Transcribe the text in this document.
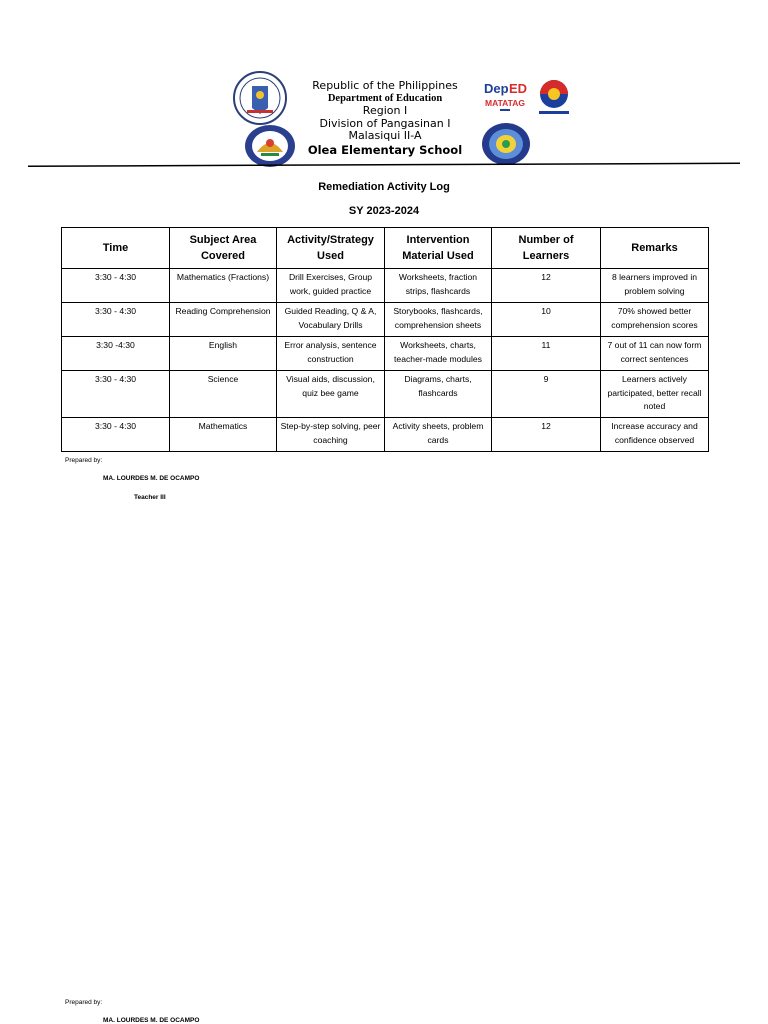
Dep ED
MATATAG
Republic of the Philippines
Department of Education
Region I
Division of Pangasinan I
Malasiqui II-A
Olea Elementary School
Remediation Activity Log
SY 2023-2024
Time	Subject Area Covered	Activity/Strategy Used	Intervention Material Used	Number of Learners	Remarks
3:30 - 4:30	Mathematics (Fractions)	Drill Exercises, Group work, guided practice	Worksheets, fraction strips, flashcards	12	8 learners improved in problem solving
3:30 - 4:30	Reading Comprehension	Guided Reading, Q & A, Vocabulary Drills	Storybooks, flashcards, comprehension sheets	10	70% showed better comprehension scores
3:30 -4:30	English	Error analysis, sentence construction	Worksheets, charts, teacher-made modules	11	7 out of 11 can now form correct sentences
3:30 - 4:30	Science	Visual aids, discussion, quiz bee game	Diagrams, charts, flashcards	9	Learners actively participated, better recall noted
3:30 - 4:30	Mathematics	Step-by-step solving, peer coaching	Activity sheets, problem cards	12	Increase accuracy and confidence observed
Prepared by:
MA. LOURDES M. DE OCAMPO
Teacher III
Prepared by:
MA. LOURDES M. DE OCAMPO
